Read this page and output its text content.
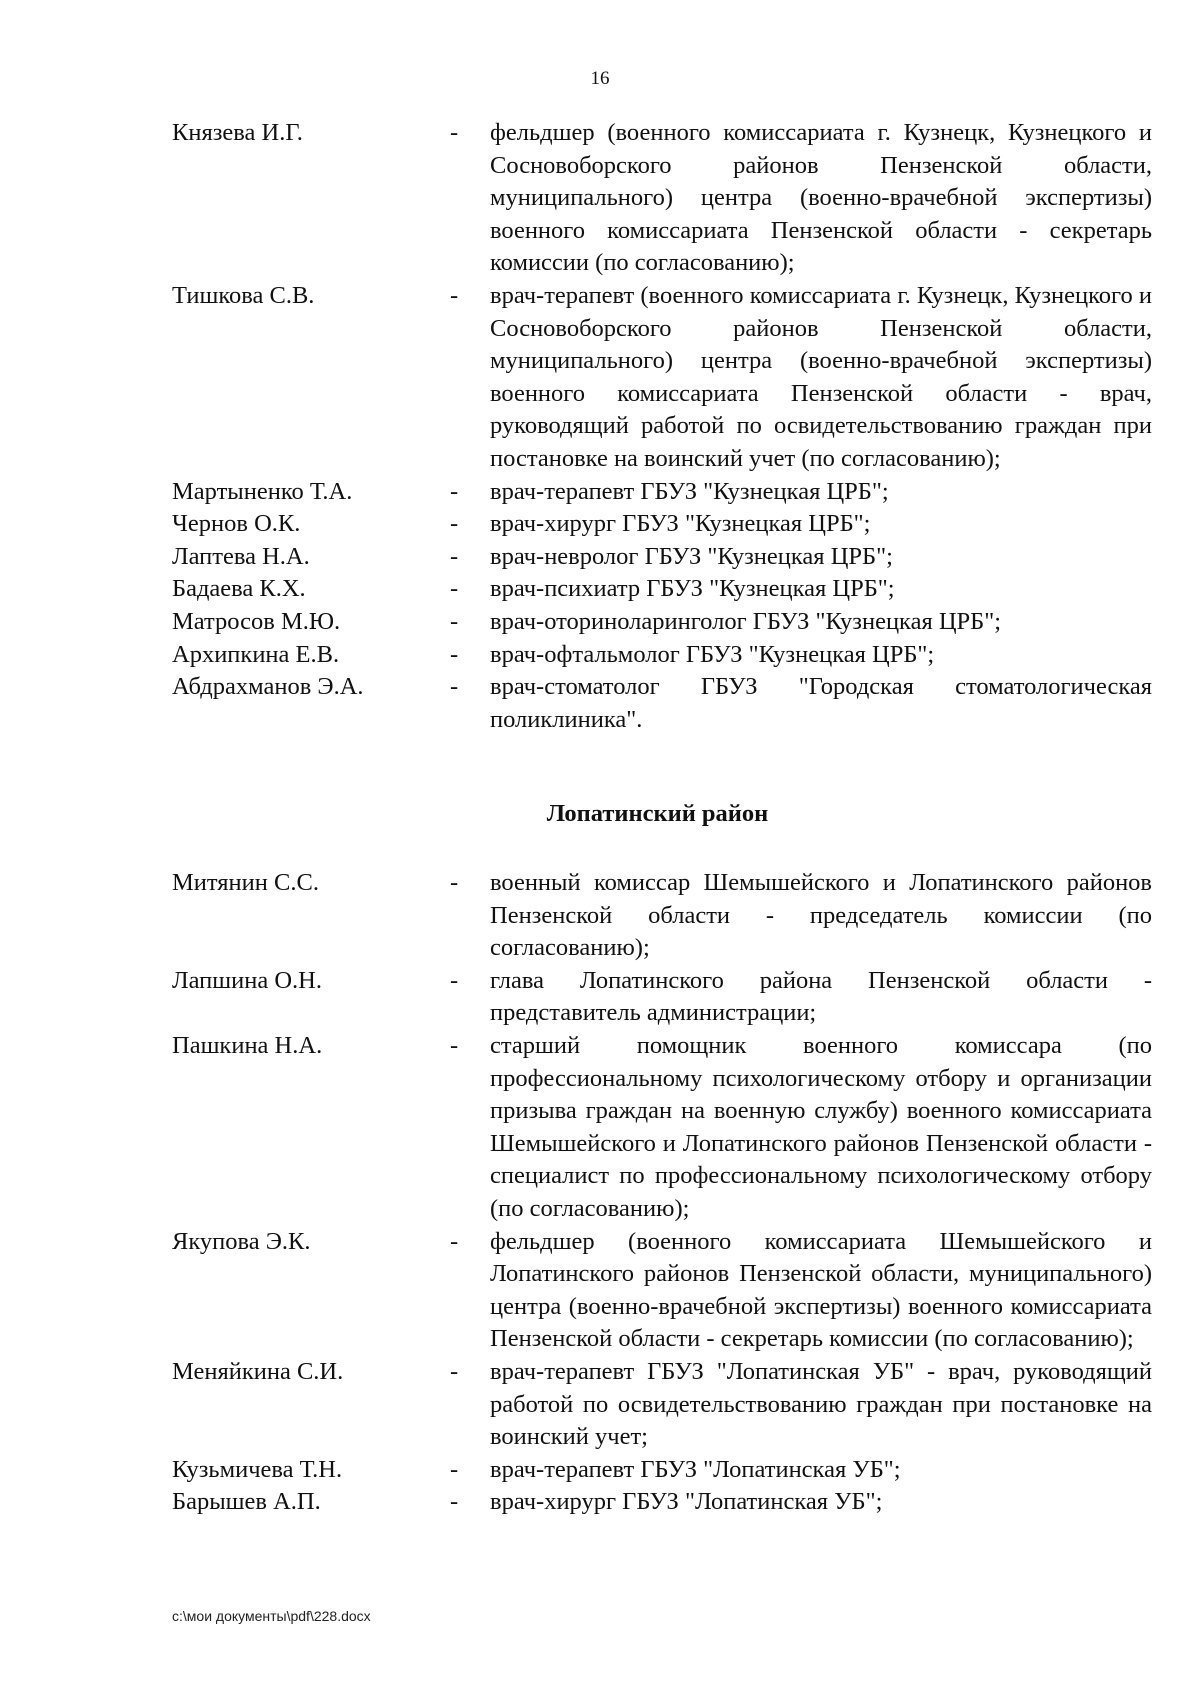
16
Князева И.Г.	-	фельдшер (военного комиссариата г. Кузнецк, Кузнецкого и Сосновоборского районов Пензенской области, муниципального) центра (военно-врачебной экспертизы) военного комиссариата Пензенской области - секретарь комиссии (по согласованию);
Тишкова С.В.	-	врач-терапевт (военного комиссариата г. Кузнецк, Кузнецкого и Сосновоборского районов Пензенской области, муниципального) центра (военно-врачебной экспертизы) военного комиссариата Пензенской области - врач, руководящий работой по освидетельствованию граждан при постановке на воинский учет (по согласованию);
Мартыненко Т.А.	-	врач-терапевт ГБУЗ "Кузнецкая ЦРБ";
Чернов О.К.	-	врач-хирург ГБУЗ "Кузнецкая ЦРБ";
Лаптева Н.А.	-	врач-невролог ГБУЗ "Кузнецкая ЦРБ";
Бадаева К.Х.	-	врач-психиатр ГБУЗ "Кузнецкая ЦРБ";
Матросов М.Ю.	-	врач-оториноларинголог ГБУЗ "Кузнецкая ЦРБ";
Архипкина Е.В.	-	врач-офтальмолог ГБУЗ "Кузнецкая ЦРБ";
Абдрахманов Э.А.	-	врач-стоматолог ГБУЗ "Городская стоматологическая поликлиника".
Лопатинский район
Митянин С.С.	-	военный комиссар Шемышейского и Лопатинского районов Пензенской области - председатель комиссии (по согласованию);
Лапшина О.Н.	-	глава Лопатинского района Пензенской области - представитель администрации;
Пашкина Н.А.	-	старший помощник военного комиссара (по профессиональному психологическому отбору и организации призыва граждан на военную службу) военного комиссариата Шемышейского и Лопатинского районов Пензенской области - специалист по профессиональному психологическому отбору (по согласованию);
Якупова Э.К.	-	фельдшер (военного комиссариата Шемышейского и Лопатинского районов Пензенской области, муниципального) центра (военно-врачебной экспертизы) военного комиссариата Пензенской области - секретарь комиссии (по согласованию);
Меняйкина С.И.	-	врач-терапевт ГБУЗ "Лопатинская УБ" - врач, руководящий работой по освидетельствованию граждан при постановке на воинский учет;
Кузьмичева Т.Н.	-	врач-терапевт ГБУЗ "Лопатинская УБ";
Барышев А.П.	-	врач-хирург ГБУЗ "Лопатинская УБ";
c:\мои документы\pdf\228.docx
